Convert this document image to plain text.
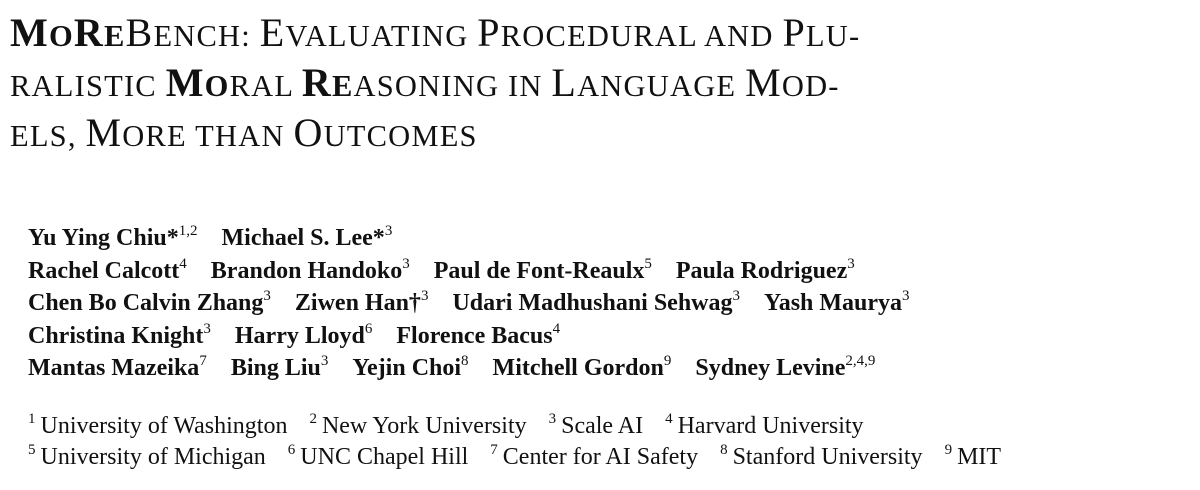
MOREBENCH: EVALUATING PROCEDURAL AND PLU-
RALISTIC MORAL REASONING IN LANGUAGE MOD-
ELS, MORE THAN OUTCOMES
Yu Ying Chiu*$^{1,2}$ Michael S. Lee*$^3$
Rachel Calcott$^4$ Brandon Handoko$^3$ Paul de Font-Reaulx$^5$ Paula Rodriguez$^3$
Chen Bo Calvin Zhang$^3$ Ziwen Han†$^3$ Udari Madhushani Sehwag$^3$ Yash Maurya$^3$
Christina Knight$^3$ Harry Lloyd$^6$ Florence Bacus$^4$
Mantas Mazeika$^7$ Bing Liu$^3$ Yejin Choi$^8$ Mitchell Gordon$^9$ Sydney Levine$^{2,4,9}$
$^1$ University of Washington $^2$ New York University $^3$ Scale AI $^4$ Harvard University
$^5$ University of Michigan $^6$ UNC Chapel Hill $^7$ Center for AI Safety $^8$ Stanford University $^9$ MIT
